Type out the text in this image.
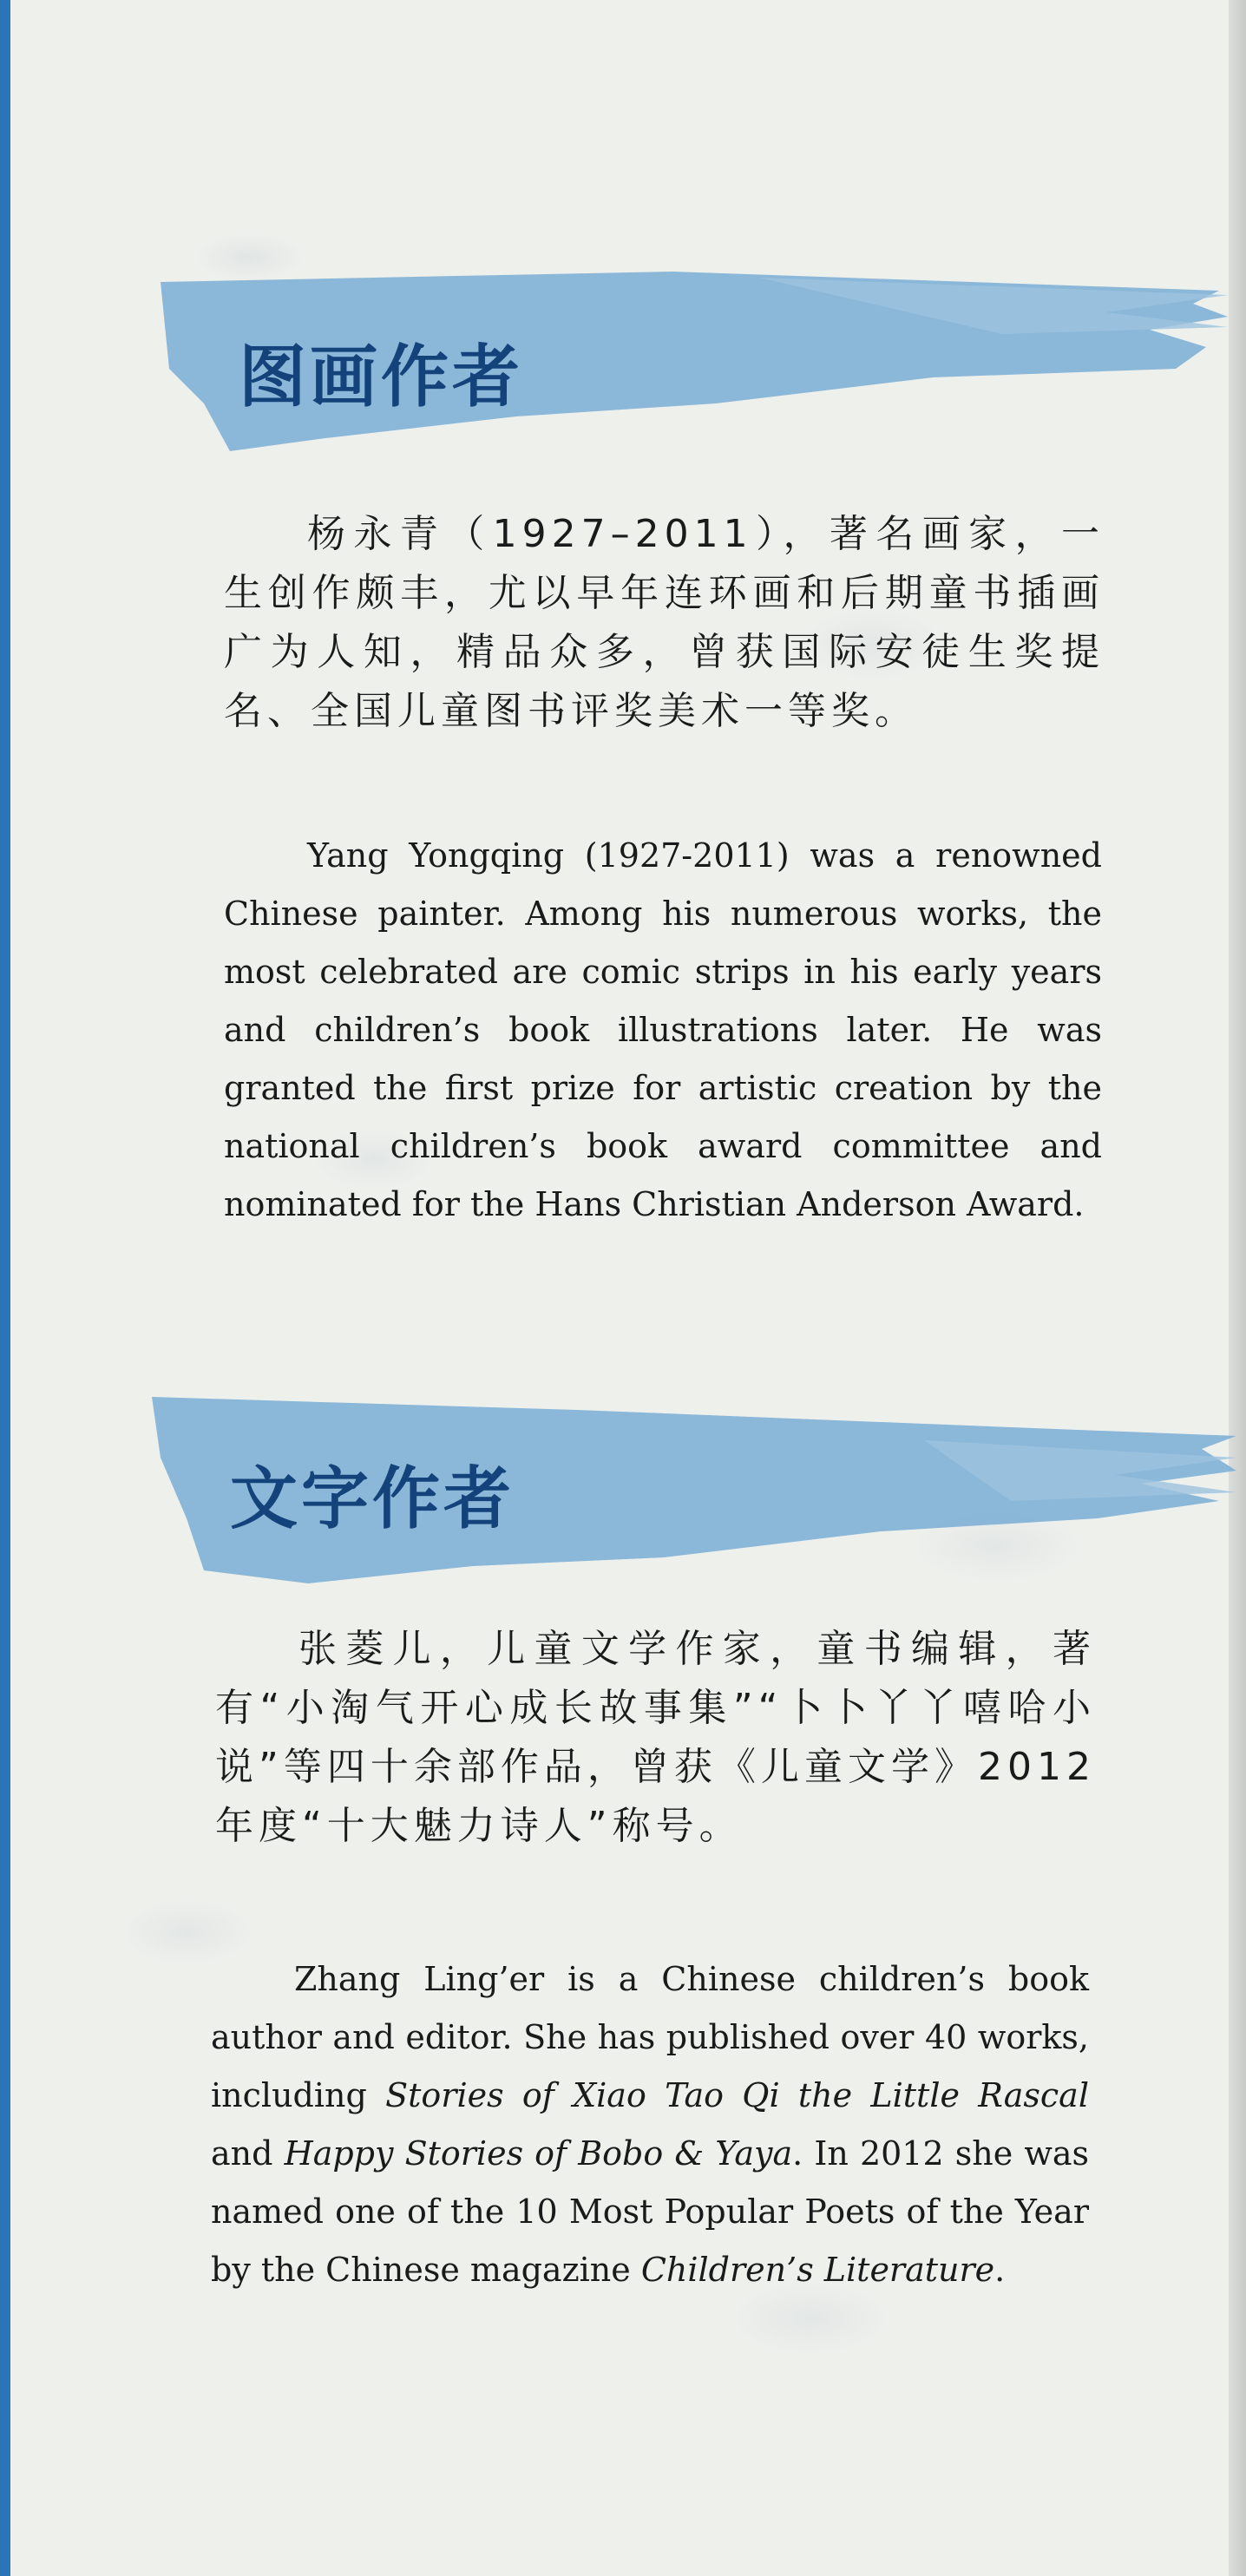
图画作者

杨永青（1927–2011），著名画家，一生创作颇丰，尤以早年连环画和后期童书插画广为人知，精品众多，曾获国际安徒生奖提名、全国儿童图书评奖美术一等奖。

Yang Yongqing (1927-2011) was a renowned Chinese painter. Among his numerous works, the most celebrated are comic strips in his early years and children’s book illustrations later. He was granted the first prize for artistic creation by the national children’s book award committee and nominated for the Hans Christian Anderson Award.

文字作者

张菱儿，儿童文学作家，童书编辑，著有“小淘气开心成长故事集”“卜卜丫丫嘻哈小说”等四十余部作品，曾获《儿童文学》2012年度“十大魅力诗人”称号。

Zhang Ling’er is a Chinese children’s book author and editor. She has published over 40 works, including Stories of Xiao Tao Qi the Little Rascal and Happy Stories of Bobo & Yaya. In 2012 she was named one of the 10 Most Popular Poets of the Year by the Chinese magazine Children’s Literature.
